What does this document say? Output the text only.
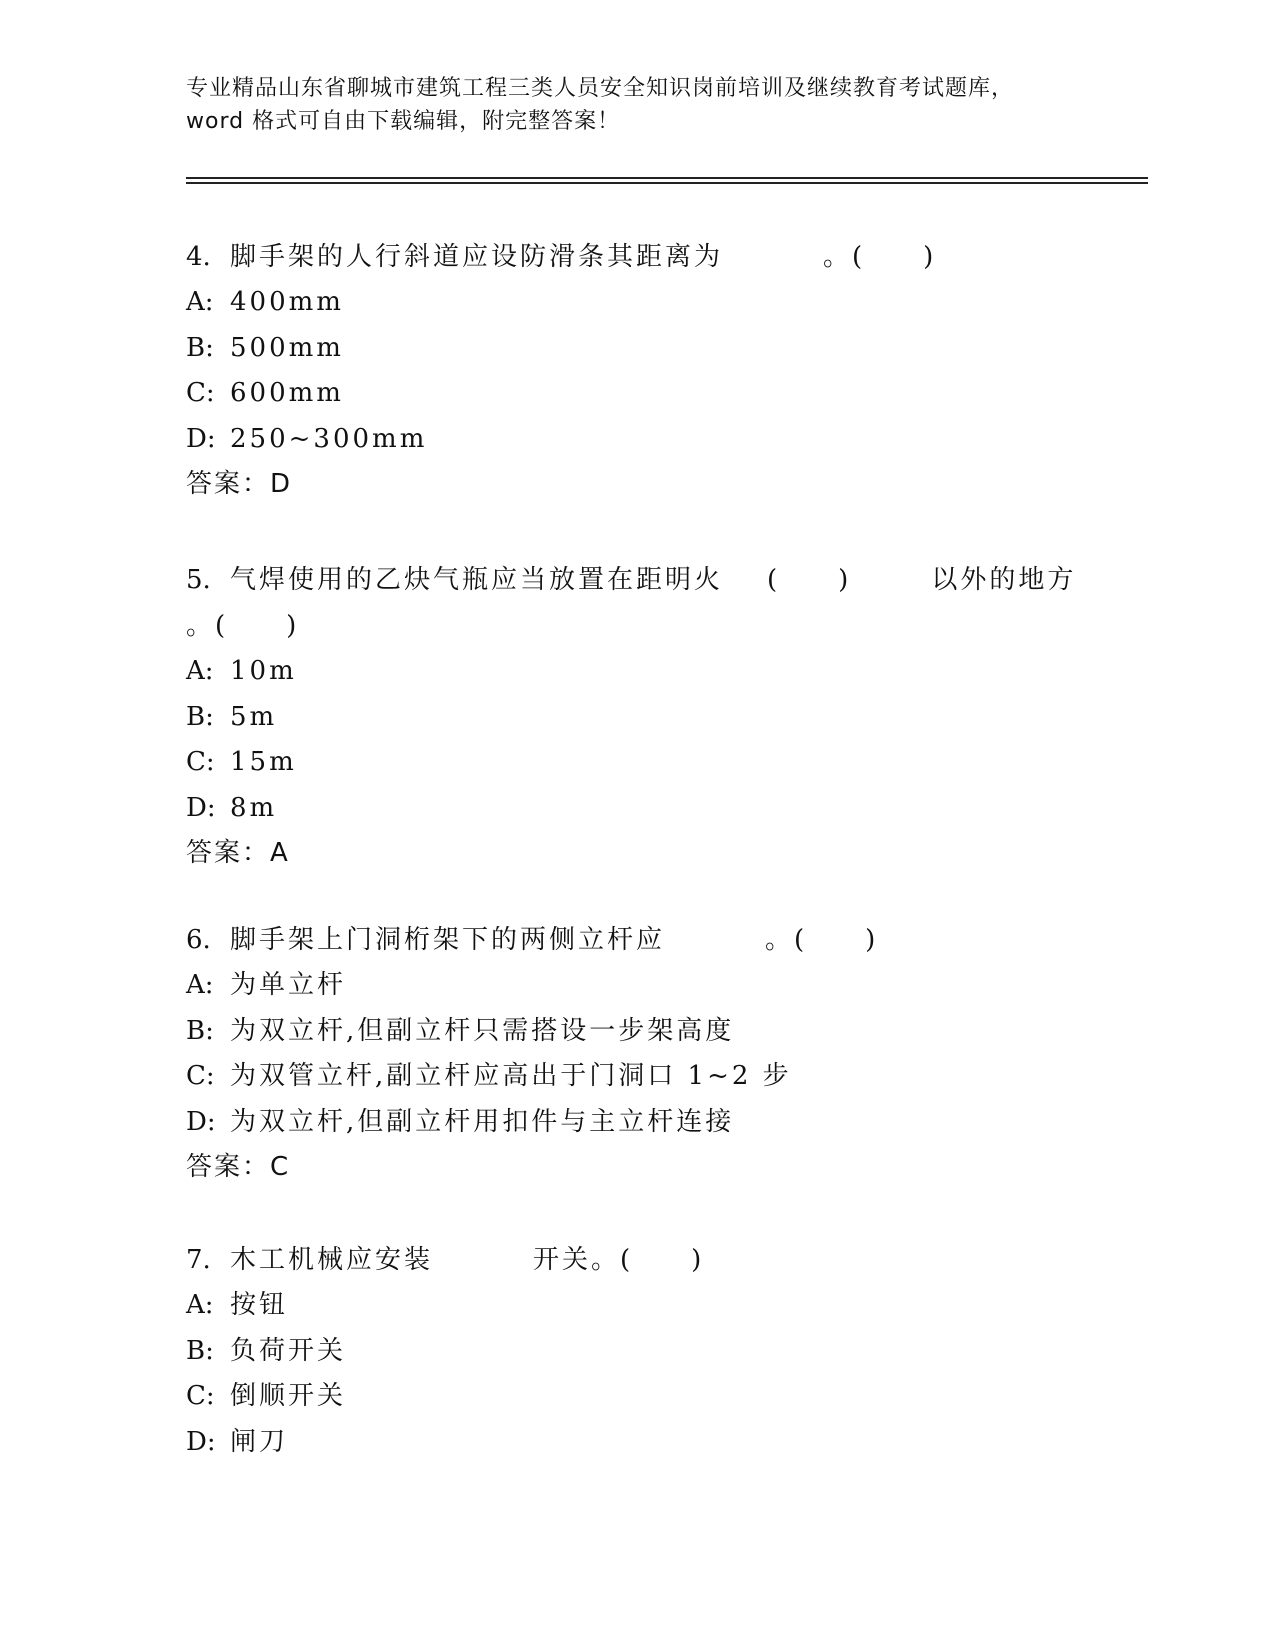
专业精品山东省聊城市建筑工程三类人员安全知识岗前培训及继续教育考试题库，
word 格式可自由下载编辑，附完整答案！
4. 脚手架的人行斜道应设防滑条其距离为	。(　　)
A: 400mm
B: 500mm
C: 600mm
D: 250~300mm
答案：D
5. 气焊使用的乙炔气瓶应当放置在距明火 (　　)	以外的地方
。(　　)
A: 10m
B: 5m
C: 15m
D: 8m
答案：A
6. 脚手架上门洞桁架下的两侧立杆应	。(　　)
A: 为单立杆
B: 为双立杆,但副立杆只需搭设一步架高度
C: 为双管立杆,副立杆应高出于门洞口 1~2 步
D: 为双立杆,但副立杆用扣件与主立杆连接
答案：C
7. 木工机械应安装	开关。(　　)
A: 按钮
B: 负荷开关
C: 倒顺开关
D: 闸刀
